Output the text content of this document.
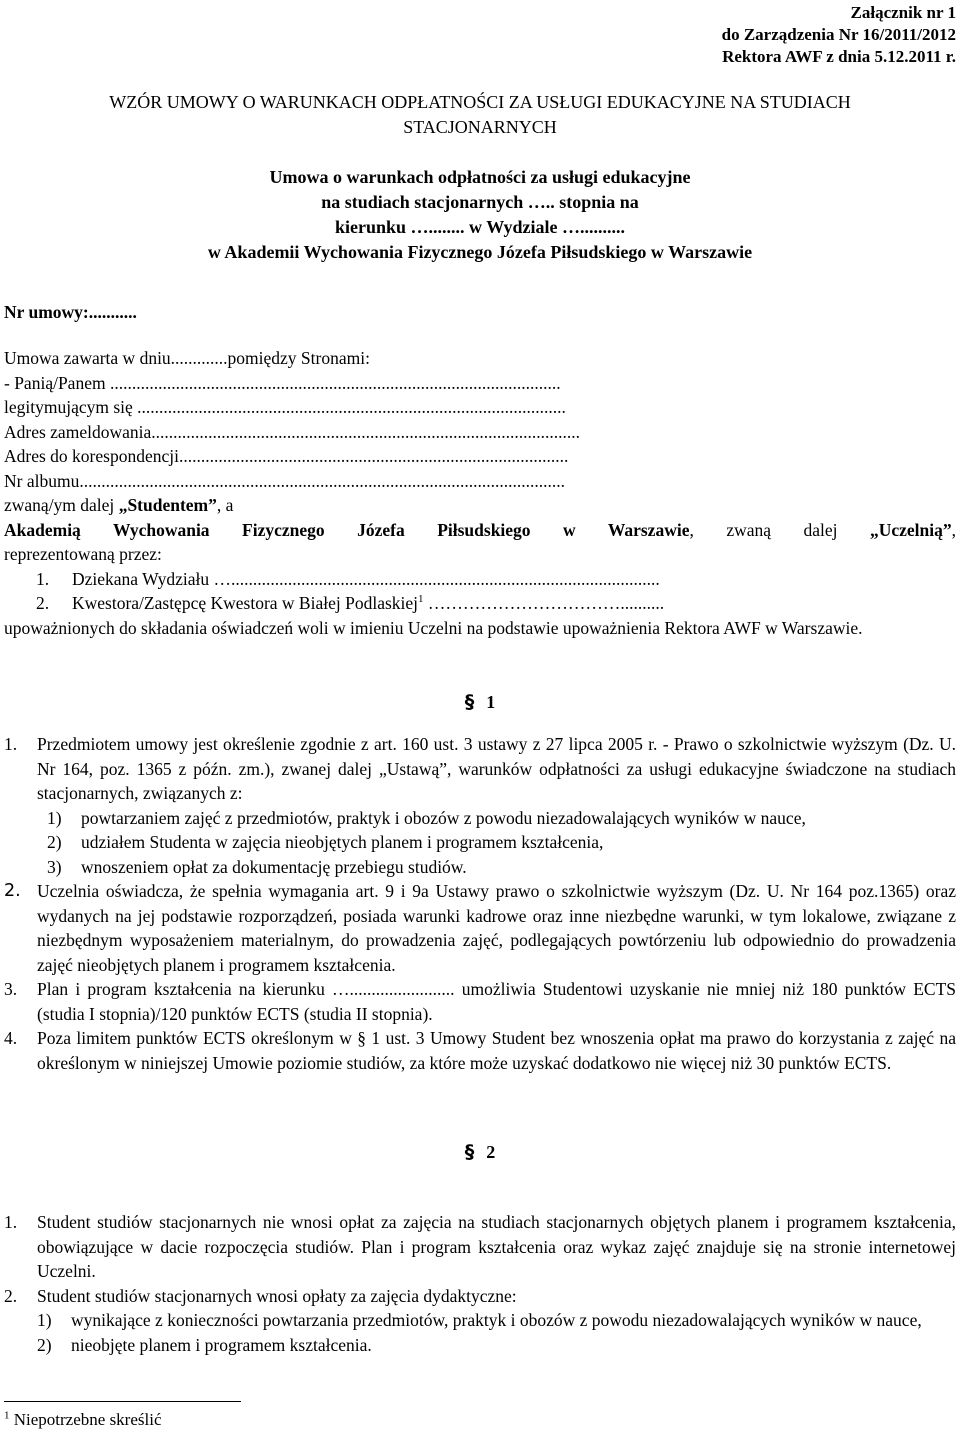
Załącznik nr 1
do Zarządzenia Nr 16/2011/2012
Rektora AWF z dnia 5.12.2011 r.
WZÓR UMOWY O WARUNKACH ODPŁATNOŚCI ZA USŁUGI EDUKACYJNE NA STUDIACH
STACJONARNYCH
Umowa o warunkach odpłatności za usługi edukacyjne
na studiach stacjonarnych ….. stopnia na
kierunku …........ w Wydziale …..........
w Akademii Wychowania Fizycznego Józefa Piłsudskiego w Warszawie
Nr umowy:...........
Umowa zawarta w dniu.............pomiędzy Stronami:
- Panią/Panem .......................................................................................................
legitymującym się ..................................................................................................
Adres zameldowania..................................................................................................
Adres do korespondencji.........................................................................................
Nr albumu...............................................................................................................
zwaną/ym dalej „Studentem”, a
Akademią Wychowania Fizycznego Józefa Piłsudskiego w Warszawie, zwaną dalej „Uczelnią”,
reprezentowaną przez:
1. Dziekana Wydziału …..................................................................................................
2. Kwestora/Zastępcę Kwestora w Białej Podlaskiej$^1$ ……………………………..........
upoważnionych do składania oświadczeń woli w imieniu Uczelni na podstawie upoważnienia Rektora AWF w Warszawie.
§ 1
1.	Przedmiotem umowy jest określenie zgodnie z art. 160 ust. 3 ustawy z 27 lipca 2005 r. - Prawo o szkolnictwie wyższym (Dz. U. Nr 164, poz. 1365 z późn. zm.), zwanej dalej „Ustawą”, warunków odpłatności za usługi edukacyjne świadczone na studiach stacjonarnych, związanych z:
1)	powtarzaniem zajęć z przedmiotów, praktyk i obozów z powodu niezadowalających wyników w nauce,
2)	udziałem Studenta w zajęcia nieobjętych planem i programem kształcenia,
3)	wnoszeniem opłat za dokumentację przebiegu studiów.
2. Uczelnia oświadcza, że spełnia wymagania art. 9 i 9a Ustawy prawo o szkolnictwie wyższym (Dz. U. Nr 164 poz.1365) oraz wydanych na jej podstawie rozporządzeń, posiada warunki kadrowe oraz inne niezbędne warunki, w tym lokalowe, związane z niezbędnym wyposażeniem materialnym, do prowadzenia zajęć, podlegających powtórzeniu lub odpowiednio do prowadzenia zajęć nieobjętych planem i programem kształcenia.
3.	Plan i program kształcenia na kierunku …........................ umożliwia Studentowi uzyskanie nie mniej niż 180 punktów ECTS (studia I stopnia)/120 punktów ECTS (studia II stopnia).
4.	Poza limitem punktów ECTS określonym w § 1 ust. 3 Umowy Student bez wnoszenia opłat ma prawo do korzystania z zajęć na określonym w niniejszej Umowie poziomie studiów, za które może uzyskać dodatkowo nie więcej niż 30 punktów ECTS.
§ 2
1.	Student studiów stacjonarnych nie wnosi opłat za zajęcia na studiach stacjonarnych objętych planem i programem kształcenia, obowiązujące w dacie rozpoczęcia studiów. Plan i program kształcenia oraz wykaz zajęć znajduje się na stronie internetowej Uczelni.
2.	Student studiów stacjonarnych wnosi opłaty za zajęcia dydaktyczne:
1)	wynikające z konieczności powtarzania przedmiotów, praktyk i obozów z powodu niezadowalających wyników w nauce,
2)	nieobjęte planem i programem kształcenia.
$^1$ Niepotrzebne skreślić
